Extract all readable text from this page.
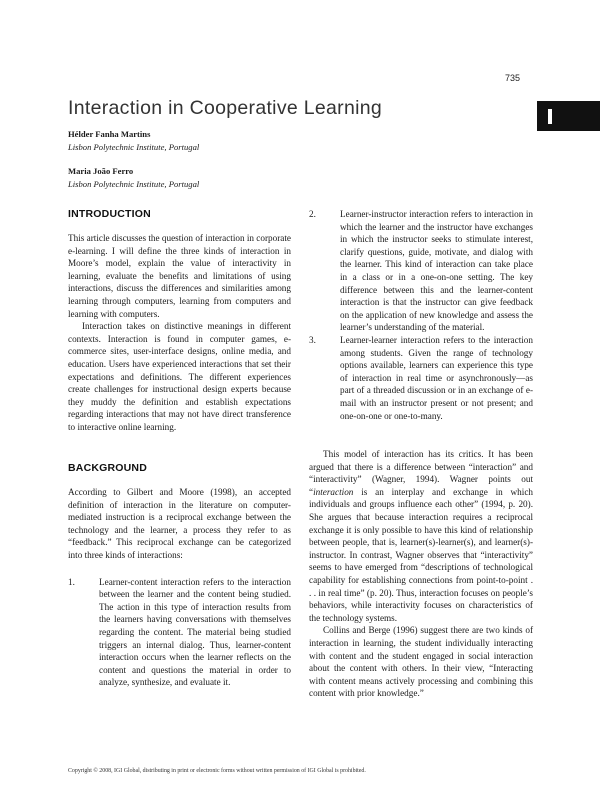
735
Interaction in Cooperative Learning
Hélder Fanha Martins
Lisbon Polytechnic Institute, Portugal
Maria João Ferro
Lisbon Polytechnic Institute, Portugal
INTRODUCTION

This article discusses the question of interaction in corporate e-learning. I will define the three kinds of interaction in Moore’s model, explain the value of interactivity in learning, evaluate the benefits and limitations of using interactions, discuss the differences and similarities among learning through computers, learning from computers and learning with computers.

Interaction takes on distinctive meanings in different contexts. Interaction is found in computer games, e-commerce sites, user-interface designs, online media, and education. Users have experienced interactions that set their expectations and definitions. The different experiences create challenges for instructional design experts because they muddy the definition and establish expectations regarding interactions that may not have direct transference to interactive online learning.

BACKGROUND

According to Gilbert and Moore (1998), an accepted definition of interaction in the literature on computer-mediated instruction is a reciprocal exchange between the technology and the learner, a process they refer to as “feedback.” This reciprocal exchange can be categorized into three kinds of interactions:

1.	Learner-content interaction refers to the interaction between the learner and the content being studied. The action in this type of interaction results from the learners having conversations with themselves regarding the content. The material being studied triggers an internal dialog. Thus, learner-content interaction occurs when the learner reflects on the content and questions the material in order to analyze, synthesize, and evaluate it.

2.	Learner-instructor interaction refers to interaction in which the learner and the instructor have exchanges in which the instructor seeks to stimulate interest, clarify questions, guide, motivate, and dialog with the learner. This kind of interaction can take place in a class or in a one-on-one setting. The key difference between this and the learner-content interaction is that the instructor can give feedback on the application of new knowledge and assess the learner’s understanding of the material.

3.	Learner-learner interaction refers to the interaction among students. Given the range of technology options available, learners can experience this type of interaction in real time or asynchronously—as part of a threaded discussion or in an exchange of e-mail with an instructor present or not present; and one-on-one or one-to-many.

This model of interaction has its critics. It has been argued that there is a difference between “interaction” and “interactivity” (Wagner, 1994). Wagner points out “interaction is an interplay and exchange in which individuals and groups influence each other” (1994, p. 20). She argues that because interaction requires a reciprocal exchange it is only possible to have this kind of relationship between people, that is, learner(s)-learner(s), and learner(s)-instructor. In contrast, Wagner observes that “interactivity” seems to have emerged from “descriptions of technological capability for establishing connections from point-to-point . . . in real time” (p. 20). Thus, interaction focuses on people’s behaviors, while interactivity focuses on characteristics of the technology systems.

Collins and Berge (1996) suggest there are two kinds of interaction in learning, the student individually interacting with content and the student engaged in social interaction about the content with others. In their view, “Interacting with content means actively processing and combining this content with prior knowledge.”

Copyright © 2008, IGI Global, distributing in print or electronic forms without written permission of IGI Global is prohibited.
